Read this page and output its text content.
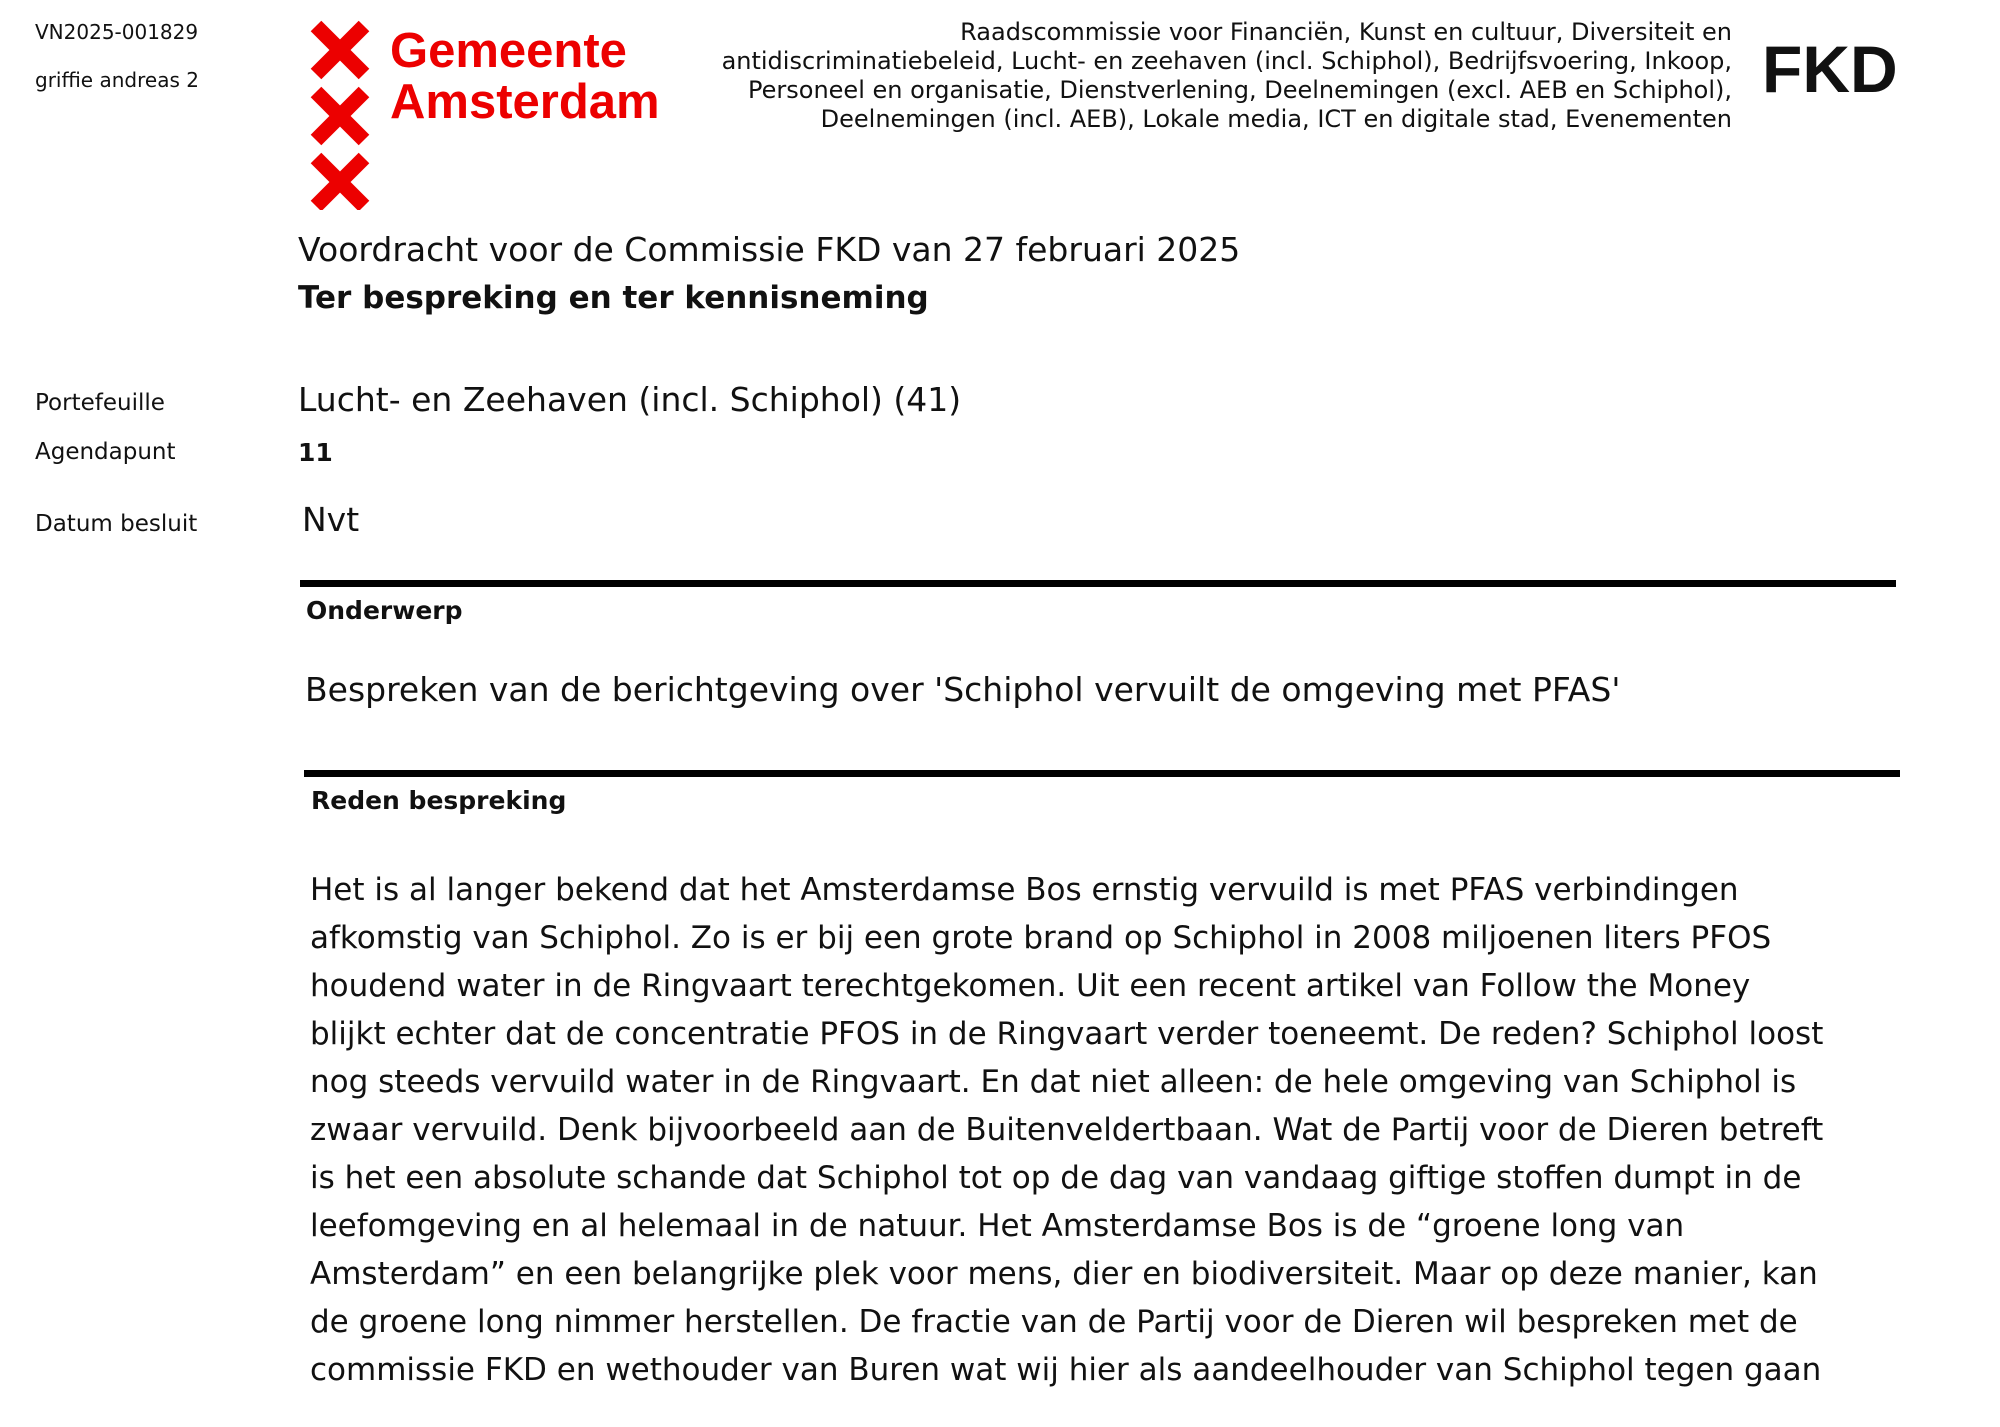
VN2025-001829
griffie andreas 2
Gemeente
Amsterdam
Raadscommissie voor Financiën, Kunst en cultuur, Diversiteit en
antidiscriminatiebeleid, Lucht- en zeehaven (incl. Schiphol), Bedrijfsvoering, Inkoop,
Personeel en organisatie, Dienstverlening, Deelnemingen (excl. AEB en Schiphol),
Deelnemingen (incl. AEB), Lokale media, ICT en digitale stad, Evenementen
FKD
Voordracht voor de Commissie FKD van 27 februari 2025
Ter bespreking en ter kennisneming
Portefeuille	Lucht- en Zeehaven (incl. Schiphol) (41)
Agendapunt	11
Datum besluit	Nvt
Onderwerp
Bespreken van de berichtgeving over 'Schiphol vervuilt de omgeving met PFAS'
Reden bespreking
Het is al langer bekend dat het Amsterdamse Bos ernstig vervuild is met PFAS verbindingen
afkomstig van Schiphol. Zo is er bij een grote brand op Schiphol in 2008 miljoenen liters PFOS
houdend water in de Ringvaart terechtgekomen. Uit een recent artikel van Follow the Money
blijkt echter dat de concentratie PFOS in de Ringvaart verder toeneemt. De reden? Schiphol loost
nog steeds vervuild water in de Ringvaart. En dat niet alleen: de hele omgeving van Schiphol is
zwaar vervuild. Denk bijvoorbeeld aan de Buitenveldertbaan. Wat de Partij voor de Dieren betreft
is het een absolute schande dat Schiphol tot op de dag van vandaag giftige stoffen dumpt in de
leefomgeving en al helemaal in de natuur. Het Amsterdamse Bos is de “groene long van
Amsterdam” en een belangrijke plek voor mens, dier en biodiversiteit. Maar op deze manier, kan
de groene long nimmer herstellen. De fractie van de Partij voor de Dieren wil bespreken met de
commissie FKD en wethouder van Buren wat wij hier als aandeelhouder van Schiphol tegen gaan
